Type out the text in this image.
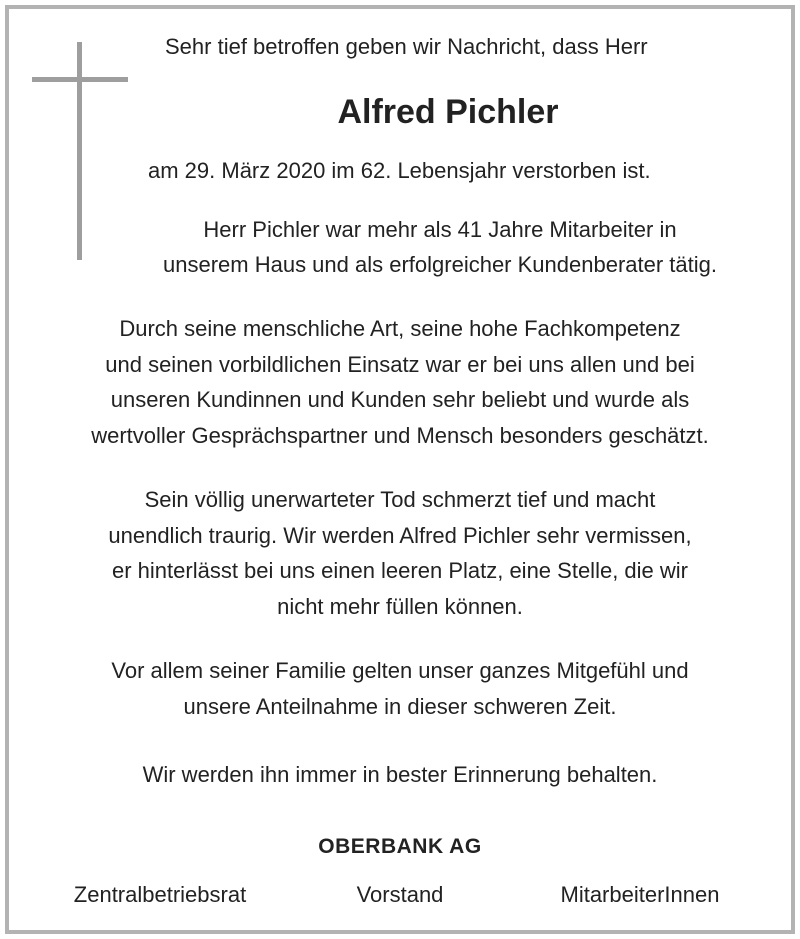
Sehr tief betroffen geben wir Nachricht, dass Herr
Alfred Pichler
am 29. März 2020 im 62. Lebensjahr verstorben ist.
Herr Pichler war mehr als 41 Jahre Mitarbeiter in
unserem Haus und als erfolgreicher Kundenberater tätig.
Durch seine menschliche Art, seine hohe Fachkompetenz
und seinen vorbildlichen Einsatz war er bei uns allen und bei
unseren Kundinnen und Kunden sehr beliebt und wurde als
wertvoller Gesprächspartner und Mensch besonders geschätzt.
Sein völlig unerwarteter Tod schmerzt tief und macht
unendlich traurig. Wir werden Alfred Pichler sehr vermissen,
er hinterlässt bei uns einen leeren Platz, eine Stelle, die wir
nicht mehr füllen können.
Vor allem seiner Familie gelten unser ganzes Mitgefühl und
unsere Anteilnahme in dieser schweren Zeit.
Wir werden ihn immer in bester Erinnerung behalten.
OBERBANK AG
Zentralbetriebsrat	Vorstand	MitarbeiterInnen
